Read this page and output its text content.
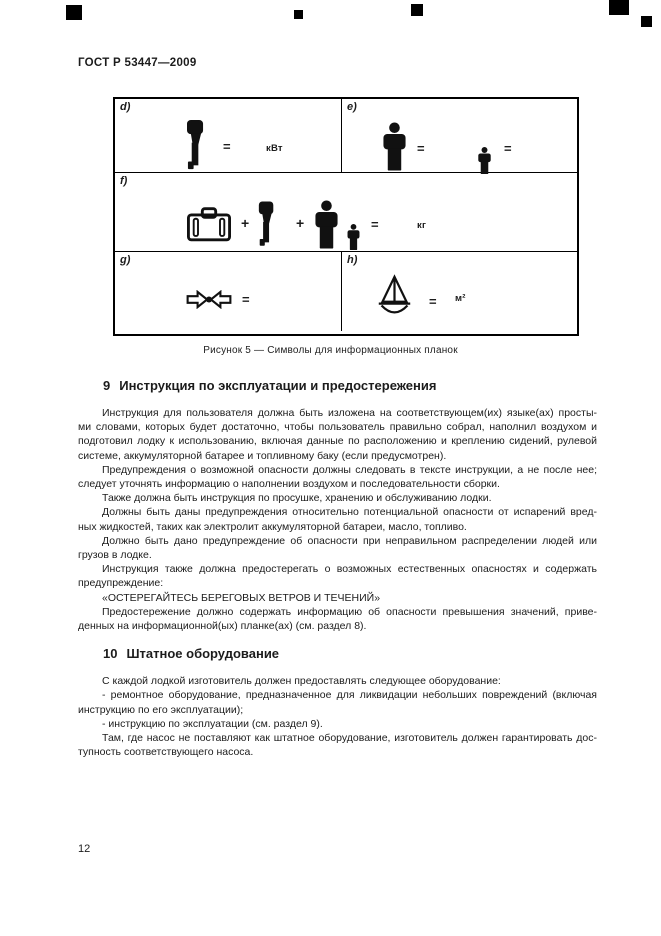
ГОСТ Р 53447—2009
d)
=	кВт
e)
=	=
f)
+	+	=	кг
g)
=
h)
= м²
Рисунок 5 — Символы для информационных планок
9 Инструкция по эксплуатации и предостережения
Инструкция для пользователя должна быть изложена на соответствующем(их) языке(ах) просты-
ми словами, которых будет достаточно, чтобы пользователь правильно собрал, наполнил воздухом и
подготовил лодку к использованию, включая данные по расположению и креплению сидений, рулевой
системе, аккумуляторной батарее и топливному баку (если предусмотрен).
Предупреждения о возможной опасности должны следовать в тексте инструкции, а не после нее;
следует уточнять информацию о наполнении воздухом и последовательности сборки.
Также должна быть инструкция по просушке, хранению и обслуживанию лодки.
Должны быть даны предупреждения относительно потенциальной опасности от испарений вред-
ных жидкостей, таких как электролит аккумуляторной батареи, масло, топливо.
Должно быть дано предупреждение об опасности при неправильном распределении людей или
грузов в лодке.
Инструкция также должна предостерегать о возможных естественных опасностях и содержать
предупреждение:
«ОСТЕРЕГАЙТЕСЬ БЕРЕГОВЫХ ВЕТРОВ И ТЕЧЕНИЙ»
Предостережение должно содержать информацию об опасности превышения значений, приве-
денных на информационной(ых) планке(ах) (см. раздел 8).
10 Штатное оборудование
С каждой лодкой изготовитель должен предоставлять следующее оборудование:
- ремонтное оборудование, предназначенное для ликвидации небольших повреждений (включая
инструкцию по его эксплуатации);
- инструкцию по эксплуатации (см. раздел 9).
Там, где насос не поставляют как штатное оборудование, изготовитель должен гарантировать дос-
тупность соответствующего насоса.
12
